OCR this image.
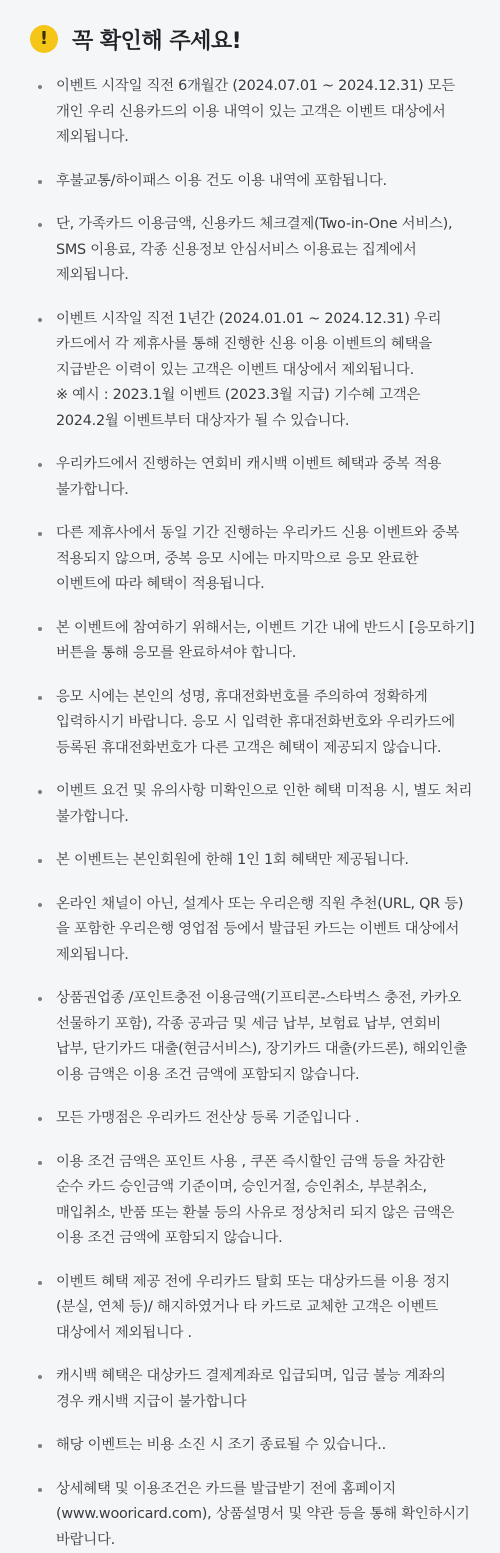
!	꼭 확인해 주세요!
이벤트 시작일 직전 6개월간 (2024.07.01 ~ 2024.12.31) 모든 개인 우리 신용카드의 이용 내역이 있는 고객은 이벤트 대상에서 제외됩니다.
후불교통/하이패스 이용 건도 이용 내역에 포함됩니다.
단, 가족카드 이용금액, 신용카드 체크결제(Two-in-One 서비스), SMS 이용료, 각종 신용정보 안심서비스 이용료는 집계에서 제외됩니다.
이벤트 시작일 직전 1년간 (2024.01.01 ~ 2024.12.31) 우리 카드에서 각 제휴사를 통해 진행한 신용 이용 이벤트의 혜택을 지급받은 이력이 있는 고객은 이벤트 대상에서 제외됩니다.
※ 예시 : 2023.1월 이벤트 (2023.3월 지급) 기수혜 고객은 2024.2월 이벤트부터 대상자가 될 수 있습니다.
우리카드에서 진행하는 연회비 캐시백 이벤트 혜택과 중복 적용 불가합니다.
다른 제휴사에서 동일 기간 진행하는 우리카드 신용 이벤트와 중복 적용되지 않으며, 중복 응모 시에는 마지막으로 응모 완료한 이벤트에 따라 혜택이 적용됩니다.
본 이벤트에 참여하기 위해서는, 이벤트 기간 내에 반드시 [응모하기] 버튼을 통해 응모를 완료하셔야 합니다.
응모 시에는 본인의 성명, 휴대전화번호를 주의하여 정확하게 입력하시기 바랍니다. 응모 시 입력한 휴대전화번호와 우리카드에 등록된 휴대전화번호가 다른 고객은 혜택이 제공되지 않습니다.
이벤트 요건 및 유의사항 미확인으로 인한 혜택 미적용 시, 별도 처리 불가합니다.
본 이벤트는 본인회원에 한해 1인 1회 혜택만 제공됩니다.
온라인 채널이 아닌, 설계사 또는 우리은행 직원 추천(URL, QR 등)을 포함한 우리은행 영업점 등에서 발급된 카드는 이벤트 대상에서 제외됩니다.
상품권업종 /포인트충전 이용금액(기프티콘-스타벅스 충전, 카카오 선물하기 포함), 각종 공과금 및 세금 납부, 보험료 납부, 연회비 납부, 단기카드 대출(현금서비스), 장기카드 대출(카드론), 해외인출 이용 금액은 이용 조건 금액에 포함되지 않습니다.
모든 가맹점은 우리카드 전산상 등록 기준입니다 .
이용 조건 금액은 포인트 사용 , 쿠폰 즉시할인 금액 등을 차감한 순수 카드 승인금액 기준이며, 승인거절, 승인취소, 부분취소, 매입취소, 반품 또는 환불 등의 사유로 정상처리 되지 않은 금액은 이용 조건 금액에 포함되지 않습니다.
이벤트 혜택 제공 전에 우리카드 탈회 또는 대상카드를 이용 정지(분실, 연체 등)/ 해지하였거나 타 카드로 교체한 고객은 이벤트 대상에서 제외됩니다 .
캐시백 혜택은 대상카드 결제계좌로 입급되며, 입금 불능 계좌의 경우 캐시백 지급이 불가합니다
해당 이벤트는 비용 소진 시 조기 종료될 수 있습니다..
상세혜택 및 이용조건은 카드를 발급받기 전에 홈페이지(www.wooricard.com), 상품설명서 및 약관 등을 통해 확인하시기 바랍니다.
